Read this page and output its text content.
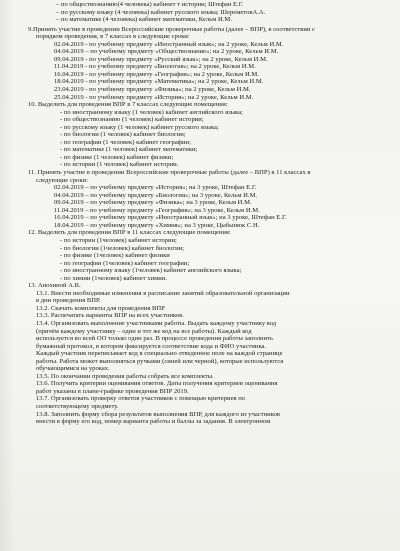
– по обществознанию(4 человека) кабинет т истории; Штефан Е.Г.
– по русскому языку (4 человека) кабинет русского языка; ШереметовА.А.
– по математике (4 человека) кабинет математики, Кельм И.М.
9.Принять участие в проведении Всероссийские проверочные работы (далее – ВПР), в соответствии с
порядком проведения, в 7 классах в следующие сроки:
02.04.2019 - по учебному предмету «Иностранный язык»; на 2 уроке, Кельм И.М.
04.04.2019 – по учебному предмету «Обществознание»; на 2 уроке, Кельм И.М.
09.04.2019 - по учебному предмету «Русский язык»; на 2 уроке, Кельм И.М.
11.04.2019 - по учебному предмету «Биология»; на 2 уроке, Кельм И.М.
16.04.2019 - по учебному предмету «География»; на 2 уроке, Кельм И.М.
18.04.2019 - по учебному предмету «Математика»; на 2 уроке, Кельм И.М.
23.04.2019 - по учебному предмету «Физика»; на 2 уроке, Кельм И.М.
25.04.2019 - по учебному предмету «История»; на 2 уроке, Кельм И.М.
10. Выделить для проведения ВПР в 7 классах следующие помещения:
- по иностранному языку (1 человек) кабинет английского языка;
- по обществознанию (1 человек) кабинет истории;
- по русскому языку (1 человек) кабинет русского языка;
- по биологии (1 человек) кабинет биологии;
- по географии (1 человек) кабинет географии;
- по математике (1 человек) кабинет математики;
- по физике (1 человек) кабинет физики;
- по истории (1 человек) кабинет истории.
11. Принять участие в проведении Всероссийские проверочные работы (далее – ВПР) в 11 классах в
следующие сроки:
02.04.2019 – по учебному предмету «История»; на 3 уроке, Штефан Е.Г.
04.04.2019 – по учебному предмету «Биология»; на 3 уроке, Кельм И.М.
09.04.2019 – по учебному предмету «Физика»; на 3 уроке, Кельм И.М.
11.04.2019 – по учебному предмету «География»; на 3 уроке, Кельм И.М.
16.04.2019 – по учебному предмету «Иностранный язык»; на 3 уроке, Штефан Е.Г.
18.04.2019 – по учебному предмету «Химия»; на 3 уроке, Цыбынюк С.Н.
12. Выделить для проведения ВПР в 11 классах следующие помещения:
- по истории (1человек) кабинет истории;
- по биологии (1человек) кабинет биологии;
- по физике (1человек) кабинет физики
- по географии (1человек) кабинет географии;
- по иностранному языку (1человек) кабинет английского языка;
- по химии (1человек) кабинет химии.
13. Анохиной А.В.
13.1. Внести необходимые изменения в расписание занятий образовательной организации
в дни проведения ВПР.
13.2. Скачать комплекты для проведения ВПР
13.3. Распечатать варианты ВПР на всех участников.
13.4. Организовать выполнение участниками работы. Выдать каждому участнику код
(причём каждому участнику – один и тот же код на все работы). Каждый код
используется во всей ОО только один раз. В процессе проведения работы заполнить
бумажный протокол, в котором фиксируется соответствие кода и ФИО участника.
Каждый участник переписывает код в специально отведенное поле на каждой странице
работы. Работа может выполняться ручками (синей или черной), которые используются
обучающимися на уроках.
13.5. По окончании проведения работы собрать все комплекты.
13.6. Получить критерии оценивания ответов. Даты получения критериев оценивания
работ указаны в плане-графике проведения ВПР 2019.
13.7. Организовать проверку ответов участников с помощью критериев по
соответствующему предмету.
13.8. Заполнить форму сбора результатов выполнения ВПР, для каждого из участников
внести в форму его код, номер варианта работы и баллы за задания. В электронном
